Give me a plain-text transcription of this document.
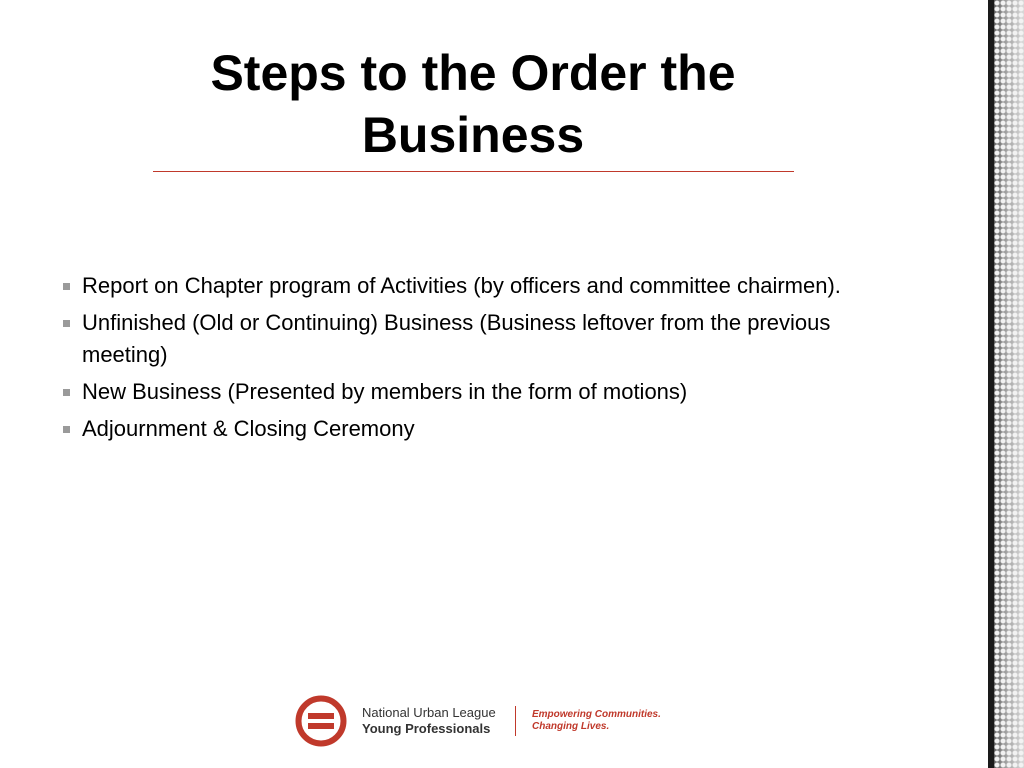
Steps to the Order the Business
Report on Chapter program of Activities (by officers and committee chairmen).
Unfinished (Old or Continuing) Business (Business leftover from the previous meeting)
New Business (Presented by members in the form of motions)
Adjournment & Closing Ceremony
National Urban League
Young Professionals
Empowering Communities.
Changing Lives.
